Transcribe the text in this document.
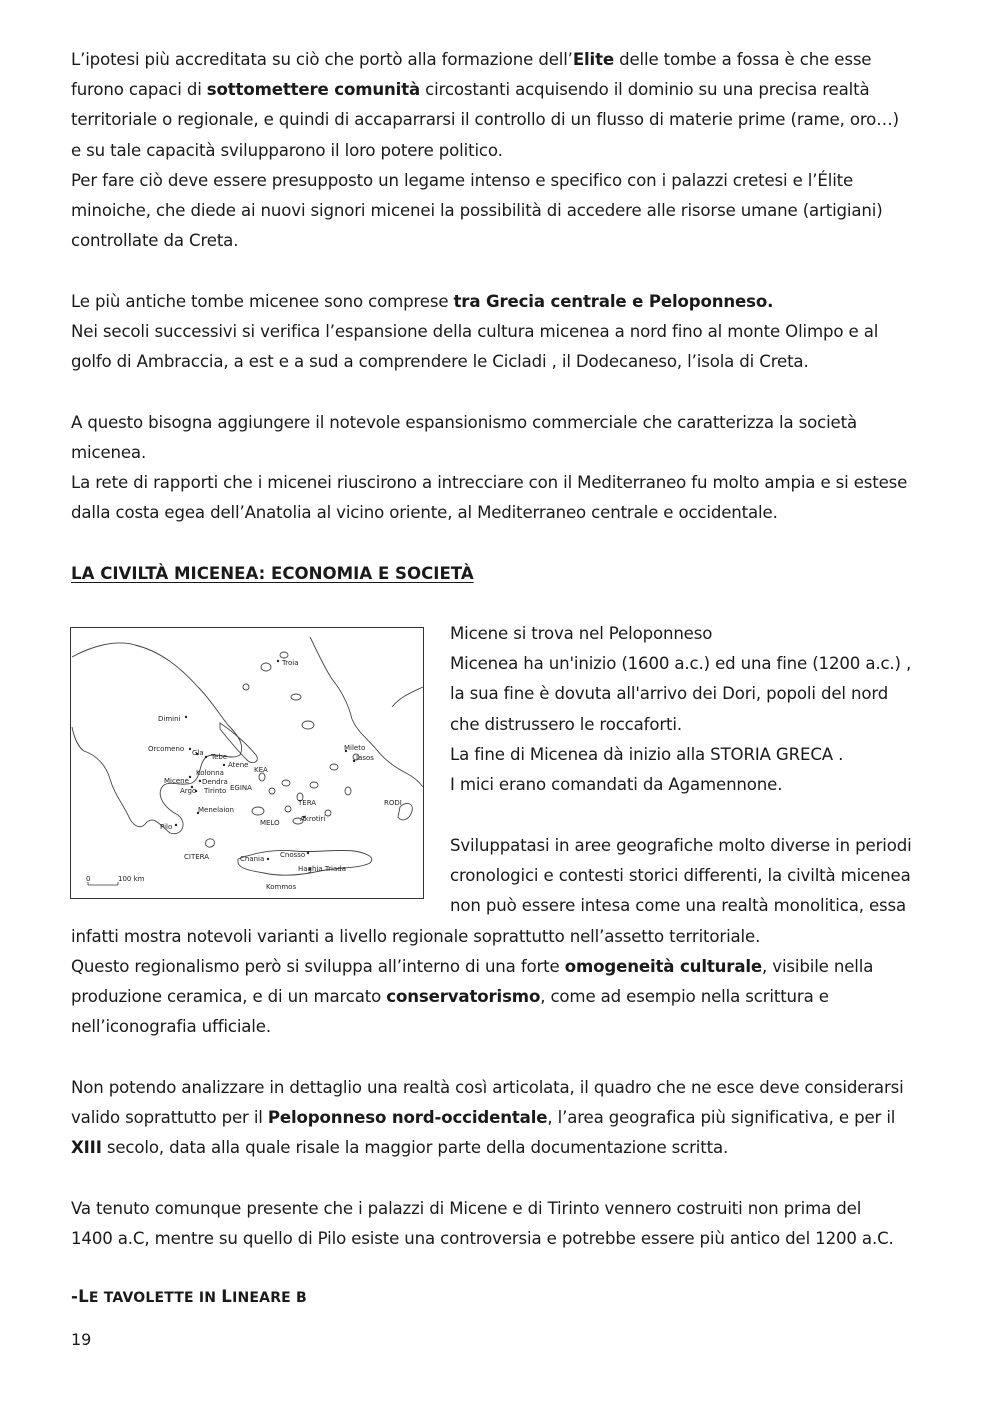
L’ipotesi più accreditata su ciò che portò alla formazione dell’Elite delle tombe a fossa è che esse
furono capaci di sottomettere comunità circostanti acquisendo il dominio su una precisa realtà
territoriale o regionale, e quindi di accaparrarsi il controllo di un flusso di materie prime (rame, oro…)
e su tale capacità svilupparono il loro potere politico.
Per fare ciò deve essere presupposto un legame intenso e specifico con i palazzi cretesi e l’Élite
minoiche, che diede ai nuovi signori micenei la possibilità di accedere alle risorse umane (artigiani)
controllate da Creta.
Le più antiche tombe micenee sono comprese tra Grecia centrale e Peloponneso.
Nei secoli successivi si verifica l’espansione della cultura micenea a nord fino al monte Olimpo e al
golfo di Ambraccia, a est e a sud a comprendere le Cicladi , il Dodecaneso, l’isola di Creta.
A questo bisogna aggiungere il notevole espansionismo commerciale che caratterizza la società
micenea.
La rete di rapporti che i micenei riuscirono a intrecciare con il Mediterraneo fu molto ampia e si estese
dalla costa egea dell’Anatolia al vicino oriente, al Mediterraneo centrale e occidentale.
LA CIVILTÀ MICENEA: ECONOMIA E SOCIETÀ
Troia
Dimini
Orcomeno Gla Tebe
Atene
Kolonna	KEA
Micene Dendra
EGINA
Argo Tirinto
Menelaion
Pilo	MELO
TERA
Akrotiri
Mileto
Iasos
RODI
CITERA	Chania Cnosso
Haghia Triada
Kommos
0	100 km
Micene si trova nel Peloponneso
Micenea ha un'inizio (1600 a.c.) ed una fine (1200 a.c.) ,
la sua fine è dovuta all'arrivo dei Dori, popoli del nord
che distrussero le roccaforti.
La fine di Micenea dà inizio alla STORIA GRECA .
I mici erano comandati da Agamennone.
Sviluppatasi in aree geografiche molto diverse in periodi
cronologici e contesti storici differenti, la civiltà micenea
non può essere intesa come una realtà monolitica, essa
infatti mostra notevoli varianti a livello regionale soprattutto nell’assetto territoriale.
Questo regionalismo però si sviluppa all’interno di una forte omogeneità culturale, visibile nella
produzione ceramica, e di un marcato conservatorismo, come ad esempio nella scrittura e
nell’iconografia ufficiale.
Non potendo analizzare in dettaglio una realtà così articolata, il quadro che ne esce deve considerarsi
valido soprattutto per il Peloponneso nord-occidentale, l’area geografica più significativa, e per il
XIII secolo, data alla quale risale la maggior parte della documentazione scritta.
Va tenuto comunque presente che i palazzi di Micene e di Tirinto vennero costruiti non prima del
1400 a.C, mentre su quello di Pilo esiste una controversia e potrebbe essere più antico del 1200 a.C.
-LE TAVOLETTE IN LINEARE B
19
